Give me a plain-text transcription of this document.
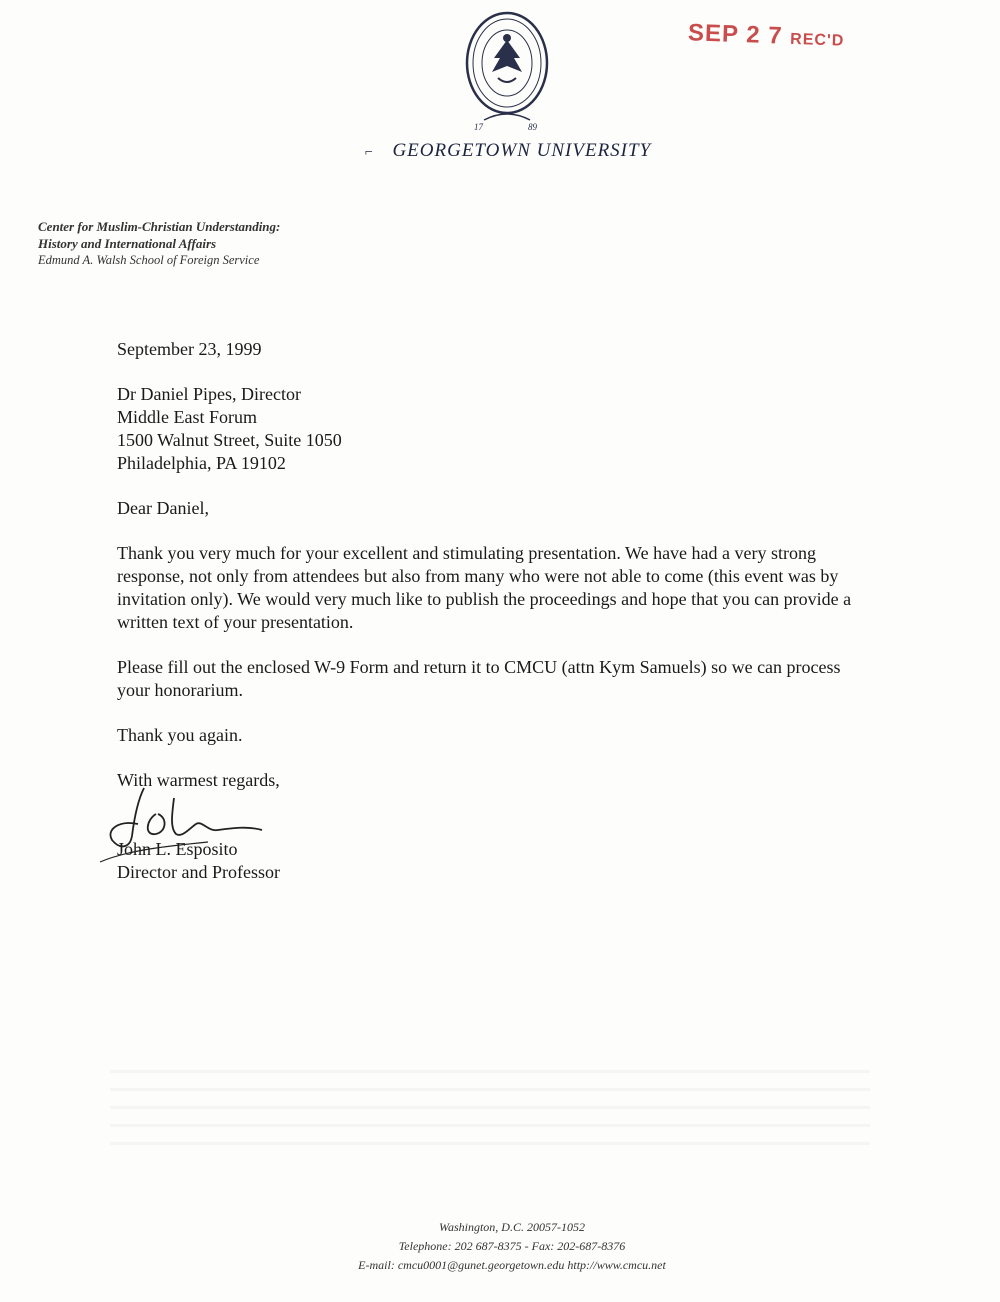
17	89
SEP 2 7 REC'D
⌐ GEORGETOWN UNIVERSITY
Center for Muslim-Christian Understanding:
History and International Affairs
Edmund A. Walsh School of Foreign Service

September 23, 1999

Dr Daniel Pipes, Director
Middle East Forum
1500 Walnut Street, Suite 1050
Philadelphia, PA 19102

Dear Daniel,

Thank you very much for your excellent and stimulating presentation. We have had a very strong response, not only from attendees but also from many who were not able to come (this event was by invitation only). We would very much like to publish the proceedings and hope that you can provide a written text of your presentation.

Please fill out the enclosed W-9 Form and return it to CMCU (attn Kym Samuels) so we can process your honorarium.

Thank you again.

With warmest regards,

John L. Esposito

Director and Professor

Washington, D.C. 20057-1052
Telephone: 202 687-8375 - Fax: 202-687-8376
E-mail: cmcu0001@gunet.georgetown.edu http://www.cmcu.net
